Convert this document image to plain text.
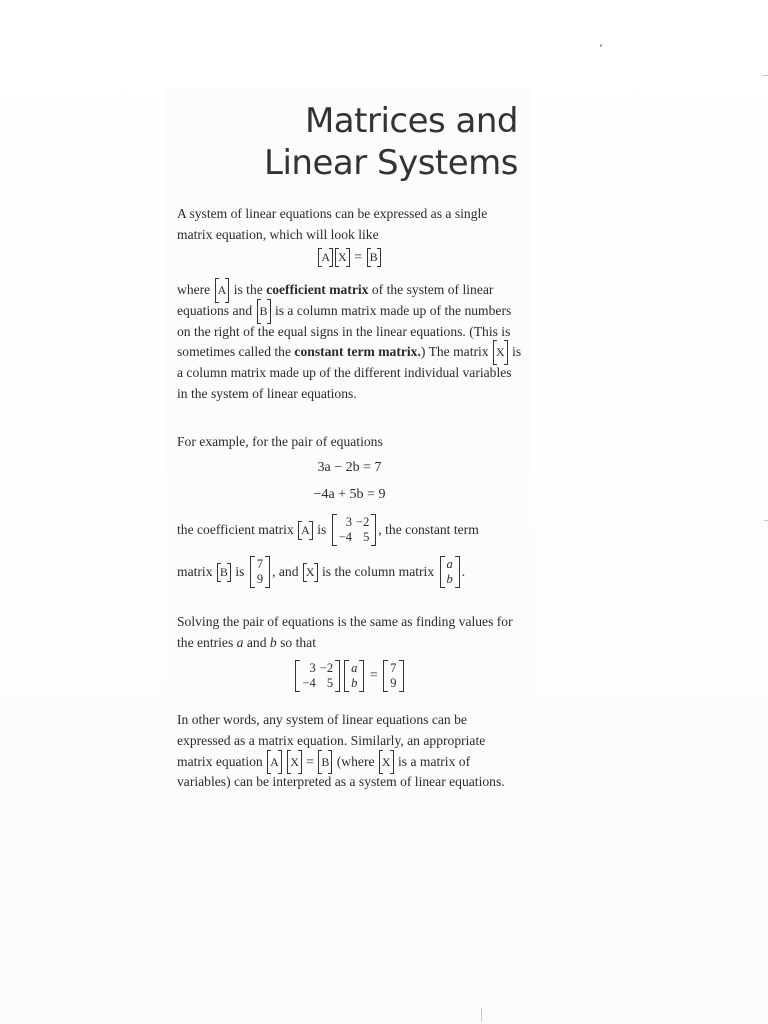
Matrices and
Linear Systems

A system of linear equations can be expressed as a single matrix equation, which will look like

A X = B

where A is the coefficient matrix of the system of linear equations and B is a column matrix made up of the numbers on the right of the equal signs in the linear equations. (This is sometimes called the constant term matrix.) The matrix X is a column matrix made up of the different individual variables in the system of linear equations.

For example, for the pair of equations

3a − 2b = 7
−4a + 5b = 9
the coefficient matrix A is 3	−2
−4	5 , the constant term
matrix B is 7
9 , and X is the column matrix a
b .

Solving the pair of equations is the same as finding values for the entries a and b so that

3	−2
−4	5
a
b = 7
9

In other words, any system of linear equations can be expressed as a matrix equation. Similarly, an appropriate matrix equation A X = B (where X is a matrix of variables) can be interpreted as a system of linear equations.
